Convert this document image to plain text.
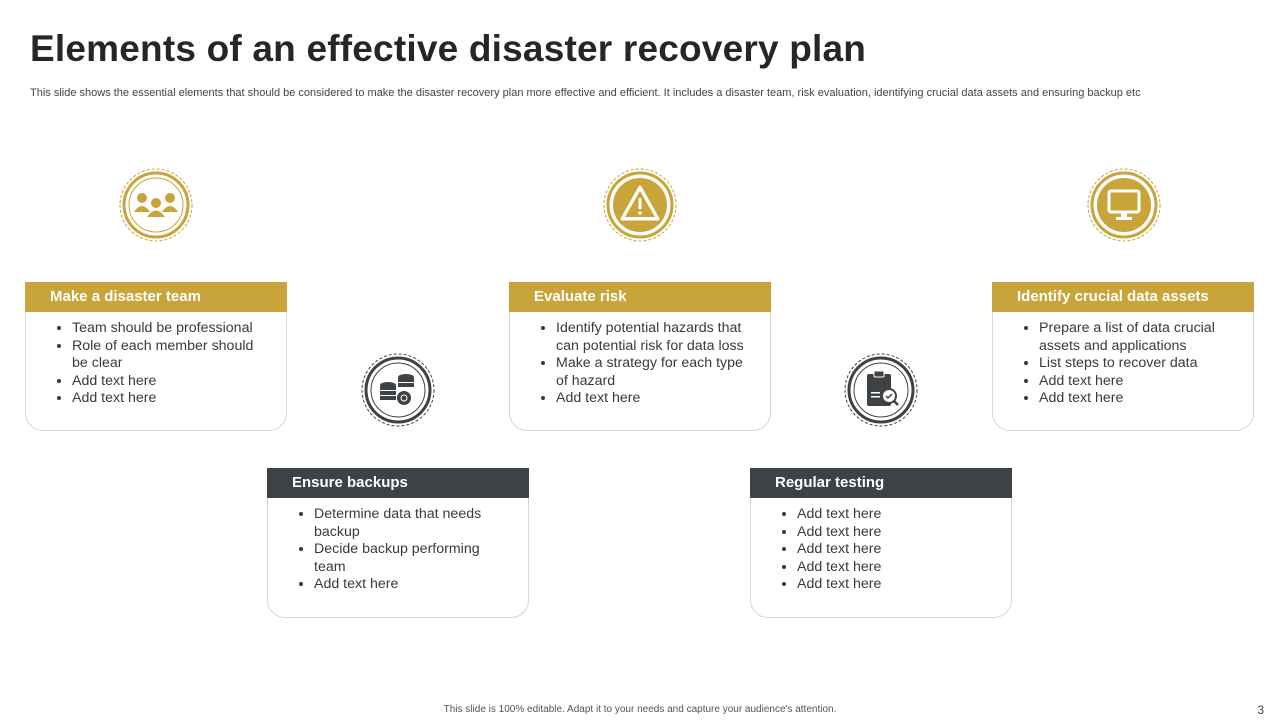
Elements of an effective disaster recovery plan
This slide shows the essential elements that should be considered to make the disaster recovery plan more effective and efficient. It includes a disaster team, risk evaluation, identifying crucial data assets and ensuring backup etc
Make a disaster team
• Team should be professional
• Role of each member should be clear
• Add text here
• Add text here
Evaluate risk
• Identify potential hazards that can potential risk for data loss
• Make a strategy for each type of hazard
• Add text here
Identify crucial data assets
• Prepare a list of data crucial assets and applications
• List steps to recover data
• Add text here
• Add text here
Ensure backups
• Determine data that needs backup
• Decide backup performing team
• Add text here
Regular testing
• Add text here
• Add text here
• Add text here
• Add text here
• Add text here
This slide is 100% editable. Adapt it to your needs and capture your audience's attention.	3
